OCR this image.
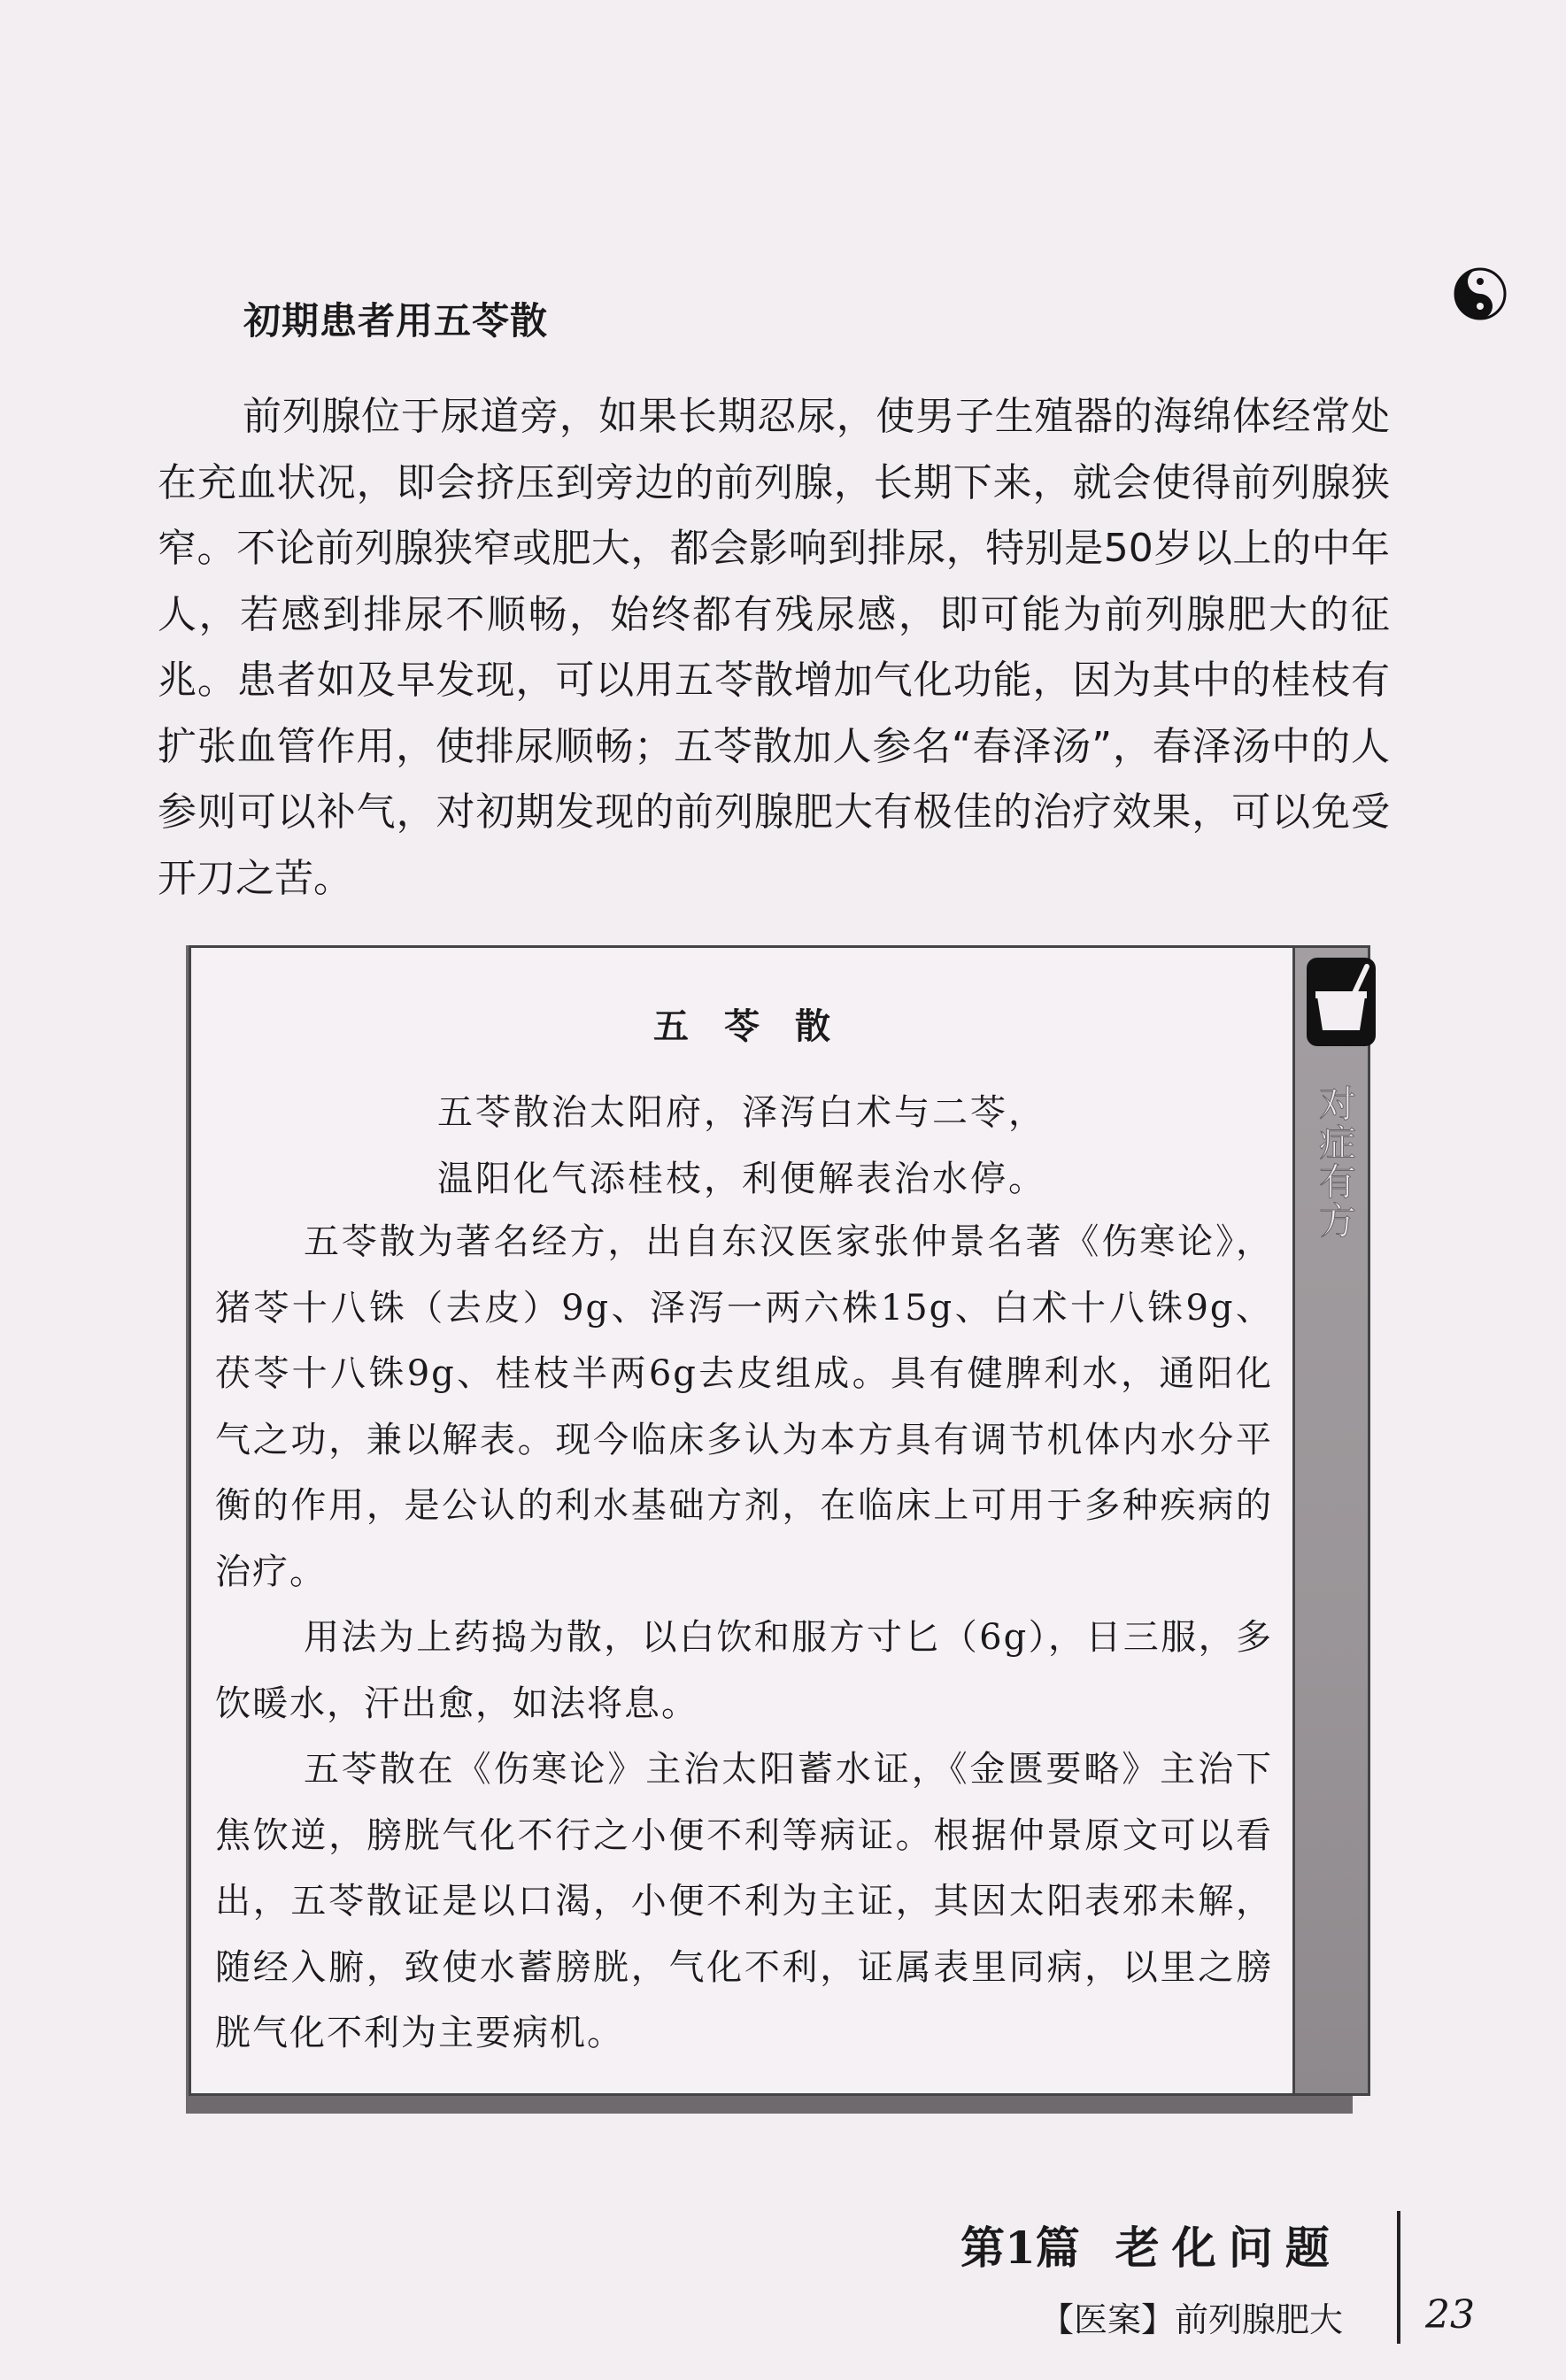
初期患者用五苓散

前列腺位于尿道旁，如果长期忍尿，使男子生殖器的海绵体经常处在充血状况，即会挤压到旁边的前列腺，长期下来，就会使得前列腺狭窄。不论前列腺狭窄或肥大，都会影响到排尿，特别是50岁以上的中年人，若感到排尿不顺畅，始终都有残尿感，即可能为前列腺肥大的征兆。患者如及早发现，可以用五苓散增加气化功能，因为其中的桂枝有扩张血管作用，使排尿顺畅；五苓散加人参名“春泽汤”，春泽汤中的人参则可以补气，对初期发现的前列腺肥大有极佳的治疗效果，可以免受开刀之苦。

对症有方
五苓散

五苓散治太阳府，泽泻白术与二苓，

温阳化气添桂枝，利便解表治水停。

五苓散为著名经方，出自东汉医家张仲景名著《伤寒论》，猪苓十八铢（去皮）9g、泽泻一两六株15g、白术十八铢9g、茯苓十八铢9g、桂枝半两6g去皮组成。具有健脾利水，通阳化气之功，兼以解表。现今临床多认为本方具有调节机体内水分平衡的作用，是公认的利水基础方剂，在临床上可用于多种疾病的治疗。

用法为上药捣为散，以白饮和服方寸匕（6g），日三服，多饮暖水，汗出愈，如法将息。

五苓散在《伤寒论》主治太阳蓄水证，《金匮要略》主治下焦饮逆，膀胱气化不行之小便不利等病证。根据仲景原文可以看出，五苓散证是以口渴，小便不利为主证，其因太阳表邪未解，随经入腑，致使水蓄膀胱，气化不利，证属表里同病，以里之膀胱气化不利为主要病机。

第1篇 老化问题

【医案】前列腺肥大 23
